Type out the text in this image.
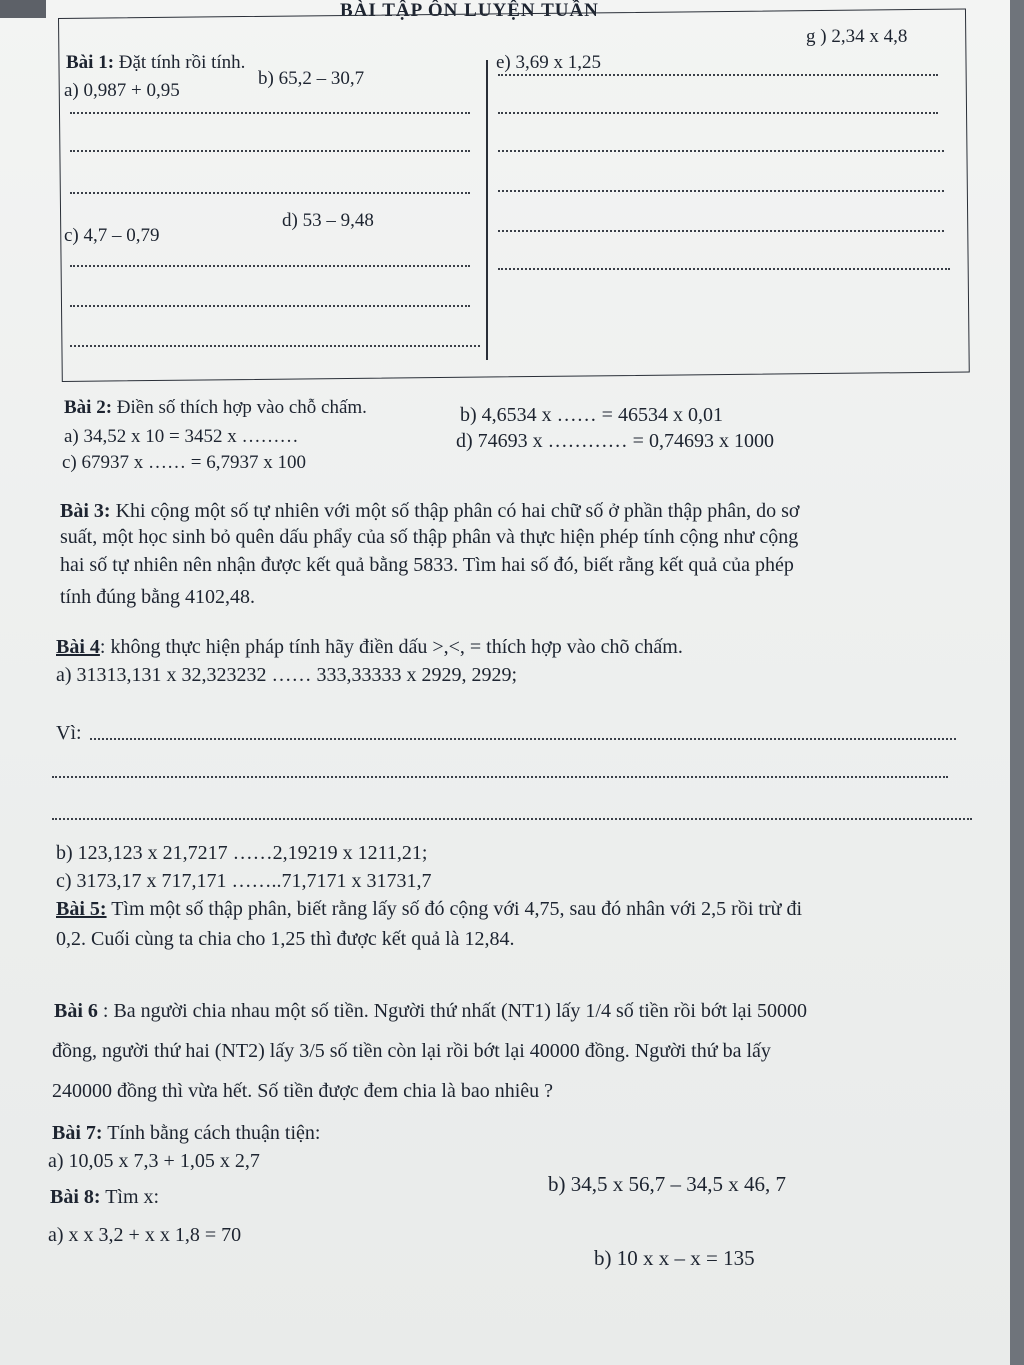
BÀI TẬP ÔN LUYỆN TUẦN
Bài 1: Đặt tính rồi tính.
a) 0,987 + 0,95
b) 65,2 – 30,7
e) 3,69 x 1,25
g ) 2,34 x 4,8
c) 4,7 – 0,79
d) 53 – 9,48
Bài 2: Điền số thích hợp vào chỗ chấm.
a) 34,52 x 10 = 3452 x ………
b) 4,6534 x …… = 46534 x 0,01
c) 67937 x …… = 6,7937 x 100
d) 74693 x ………… = 0,74693 x 1000
Bài 3: Khi cộng một số tự nhiên với một số thập phân có hai chữ số ở phần thập phân, do sơ
suất, một học sinh bỏ quên dấu phẩy của số thập phân và thực hiện phép tính cộng như cộng
hai số tự nhiên nên nhận được kết quả bằng 5833. Tìm hai số đó, biết rằng kết quả của phép
tính đúng bằng 4102,48.
Bài 4: không thực hiện pháp tính hãy điền dấu >,<, = thích hợp vào chõ chấm.
a) 31313,131 x 32,323232 …… 333,33333 x 2929, 2929;
Vì:
b) 123,123 x 21,7217 ……2,19219 x 1211,21;
c) 3173,17 x 717,171 ……..71,7171 x 31731,7
Bài 5: Tìm một số thập phân, biết rằng lấy số đó cộng với 4,75, sau đó nhân với 2,5 rồi trừ đi
0,2. Cuối cùng ta chia cho 1,25 thì được kết quả là 12,84.
Bài 6 : Ba người chia nhau một số tiền. Người thứ nhất (NT1) lấy 1/4 số tiền rồi bớt lại 50000
đồng, người thứ hai (NT2) lấy 3/5 số tiền còn lại rồi bớt lại 40000 đồng. Người thứ ba lấy
240000 đồng thì vừa hết. Số tiền được đem chia là bao nhiêu ?
Bài 7: Tính bằng cách thuận tiện:
a) 10,05 x 7,3 + 1,05 x 2,7
b) 34,5 x 56,7 – 34,5 x 46, 7
Bài 8: Tìm x:
a) x x 3,2 + x x 1,8 = 70
b) 10 x x – x = 135
